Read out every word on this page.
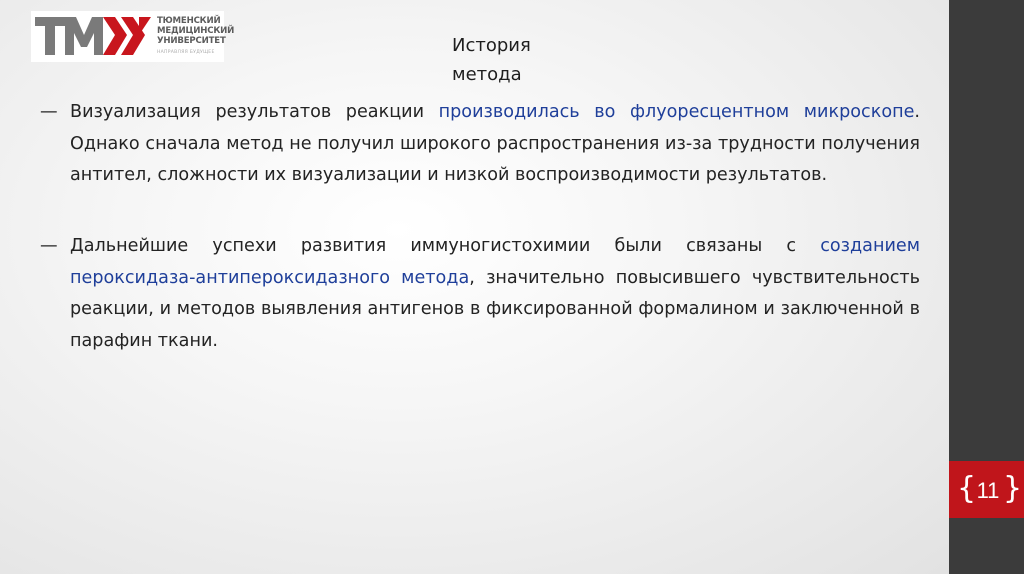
ТЮМЕНСКИЙ
МЕДИЦИНСКИЙ
УНИВЕРСИТЕТ
НАПРАВЛЯЯ БУДУЩЕЕ	История
метода
— Визуализация результатов реакции производилась во флуоресцентном микроскопе. Однако сначала метод не получил широкого распространения из-за трудности получения антител, сложности их визуализации и низкой воспроизводимости результатов.
— Дальнейшие успехи развития иммуногистохимии были связаны с созданием пероксидаза-антипероксидазного метода, значительно повысившего чувствительность реакции, и методов выявления антигенов в фиксированной формалином и заключенной в парафин ткани.
{ 11 }
